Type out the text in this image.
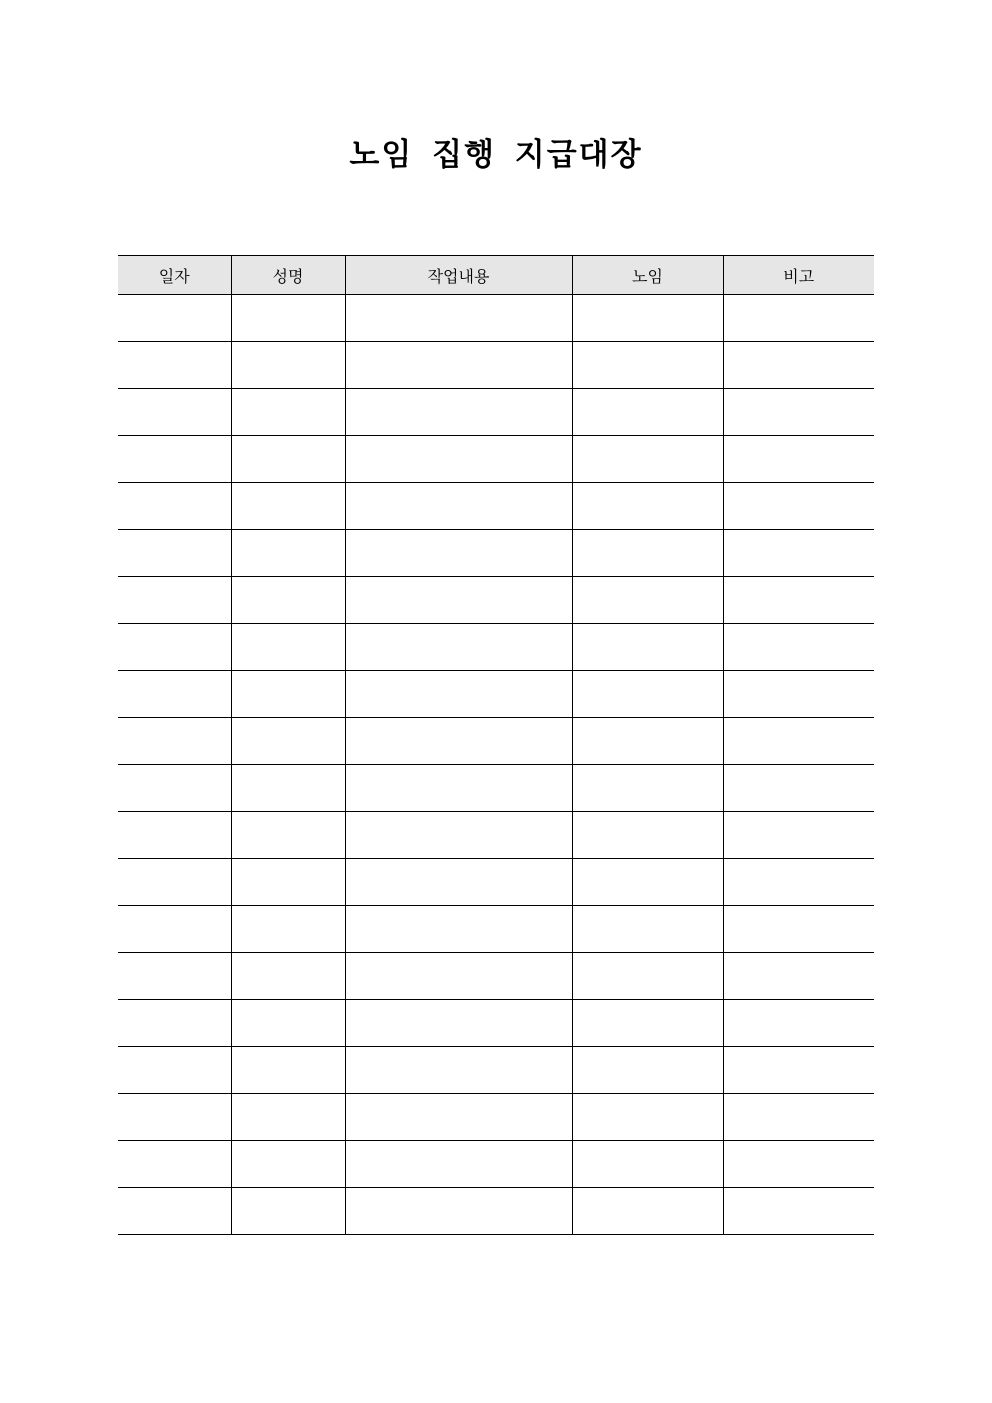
노임 집행 지급대장
일자	성명	작업내용	노임	비고
